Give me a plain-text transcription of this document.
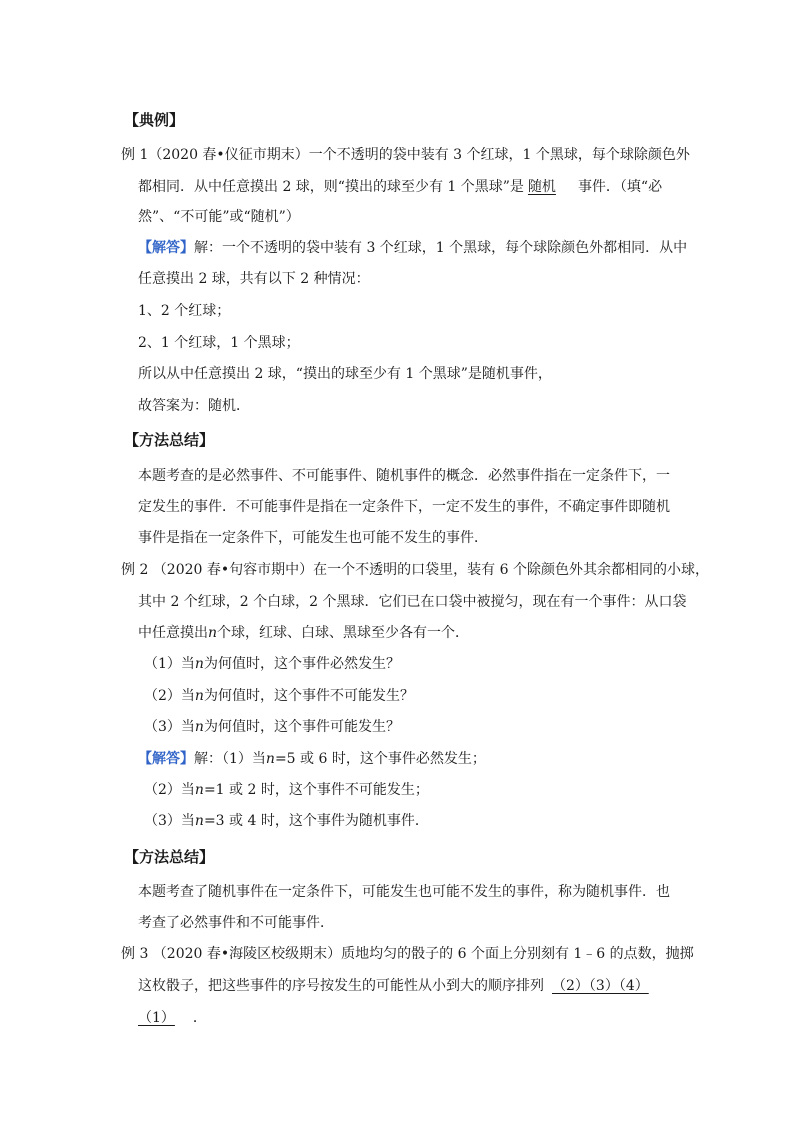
【典例】
例 1（2020 春•仪征市期末）一个不透明的袋中装有 3 个红球，1 个黑球，每个球除颜色外
都相同．从中任意摸出 2 球，则“摸出的球至少有 1 个黑球”是 随机 事件．（填“必
然”、“不可能”或“随机”）
【解答】解：一个不透明的袋中装有 3 个红球，1 个黑球，每个球除颜色外都相同．从中
任意摸出 2 球，共有以下 2 种情况：
1、2 个红球；
2、1 个红球，1 个黑球；
所以从中任意摸出 2 球，“摸出的球至少有 1 个黑球”是随机事件，
故答案为：随机．
【方法总结】
本题考查的是必然事件、不可能事件、随机事件的概念．必然事件指在一定条件下，一
定发生的事件．不可能事件是指在一定条件下，一定不发生的事件，不确定事件即随机
事件是指在一定条件下，可能发生也可能不发生的事件．
例 2 （2020 春•句容市期中）在一个不透明的口袋里，装有 6 个除颜色外其余都相同的小球，
其中 2 个红球，2 个白球，2 个黑球．它们已在口袋中被搅匀，现在有一个事件：从口袋
中任意摸出n个球，红球、白球、黑球至少各有一个．
（1）当n为何值时，这个事件必然发生？
（2）当n为何值时，这个事件不可能发生？
（3）当n为何值时，这个事件可能发生？
【解答】解：（1）当n=5 或 6 时，这个事件必然发生；
（2）当n=1 或 2 时，这个事件不可能发生；
（3）当n=3 或 4 时，这个事件为随机事件．
【方法总结】
本题考查了随机事件在一定条件下，可能发生也可能不发生的事件，称为随机事件．也
考查了必然事件和不可能事件．
例 3 （2020 春•海陵区校级期末）质地均匀的骰子的 6 个面上分别刻有 1﹣6 的点数，抛掷
这枚骰子，把这些事件的序号按发生的可能性从小到大的顺序排列 （2）（3）（4）
（1） ．
